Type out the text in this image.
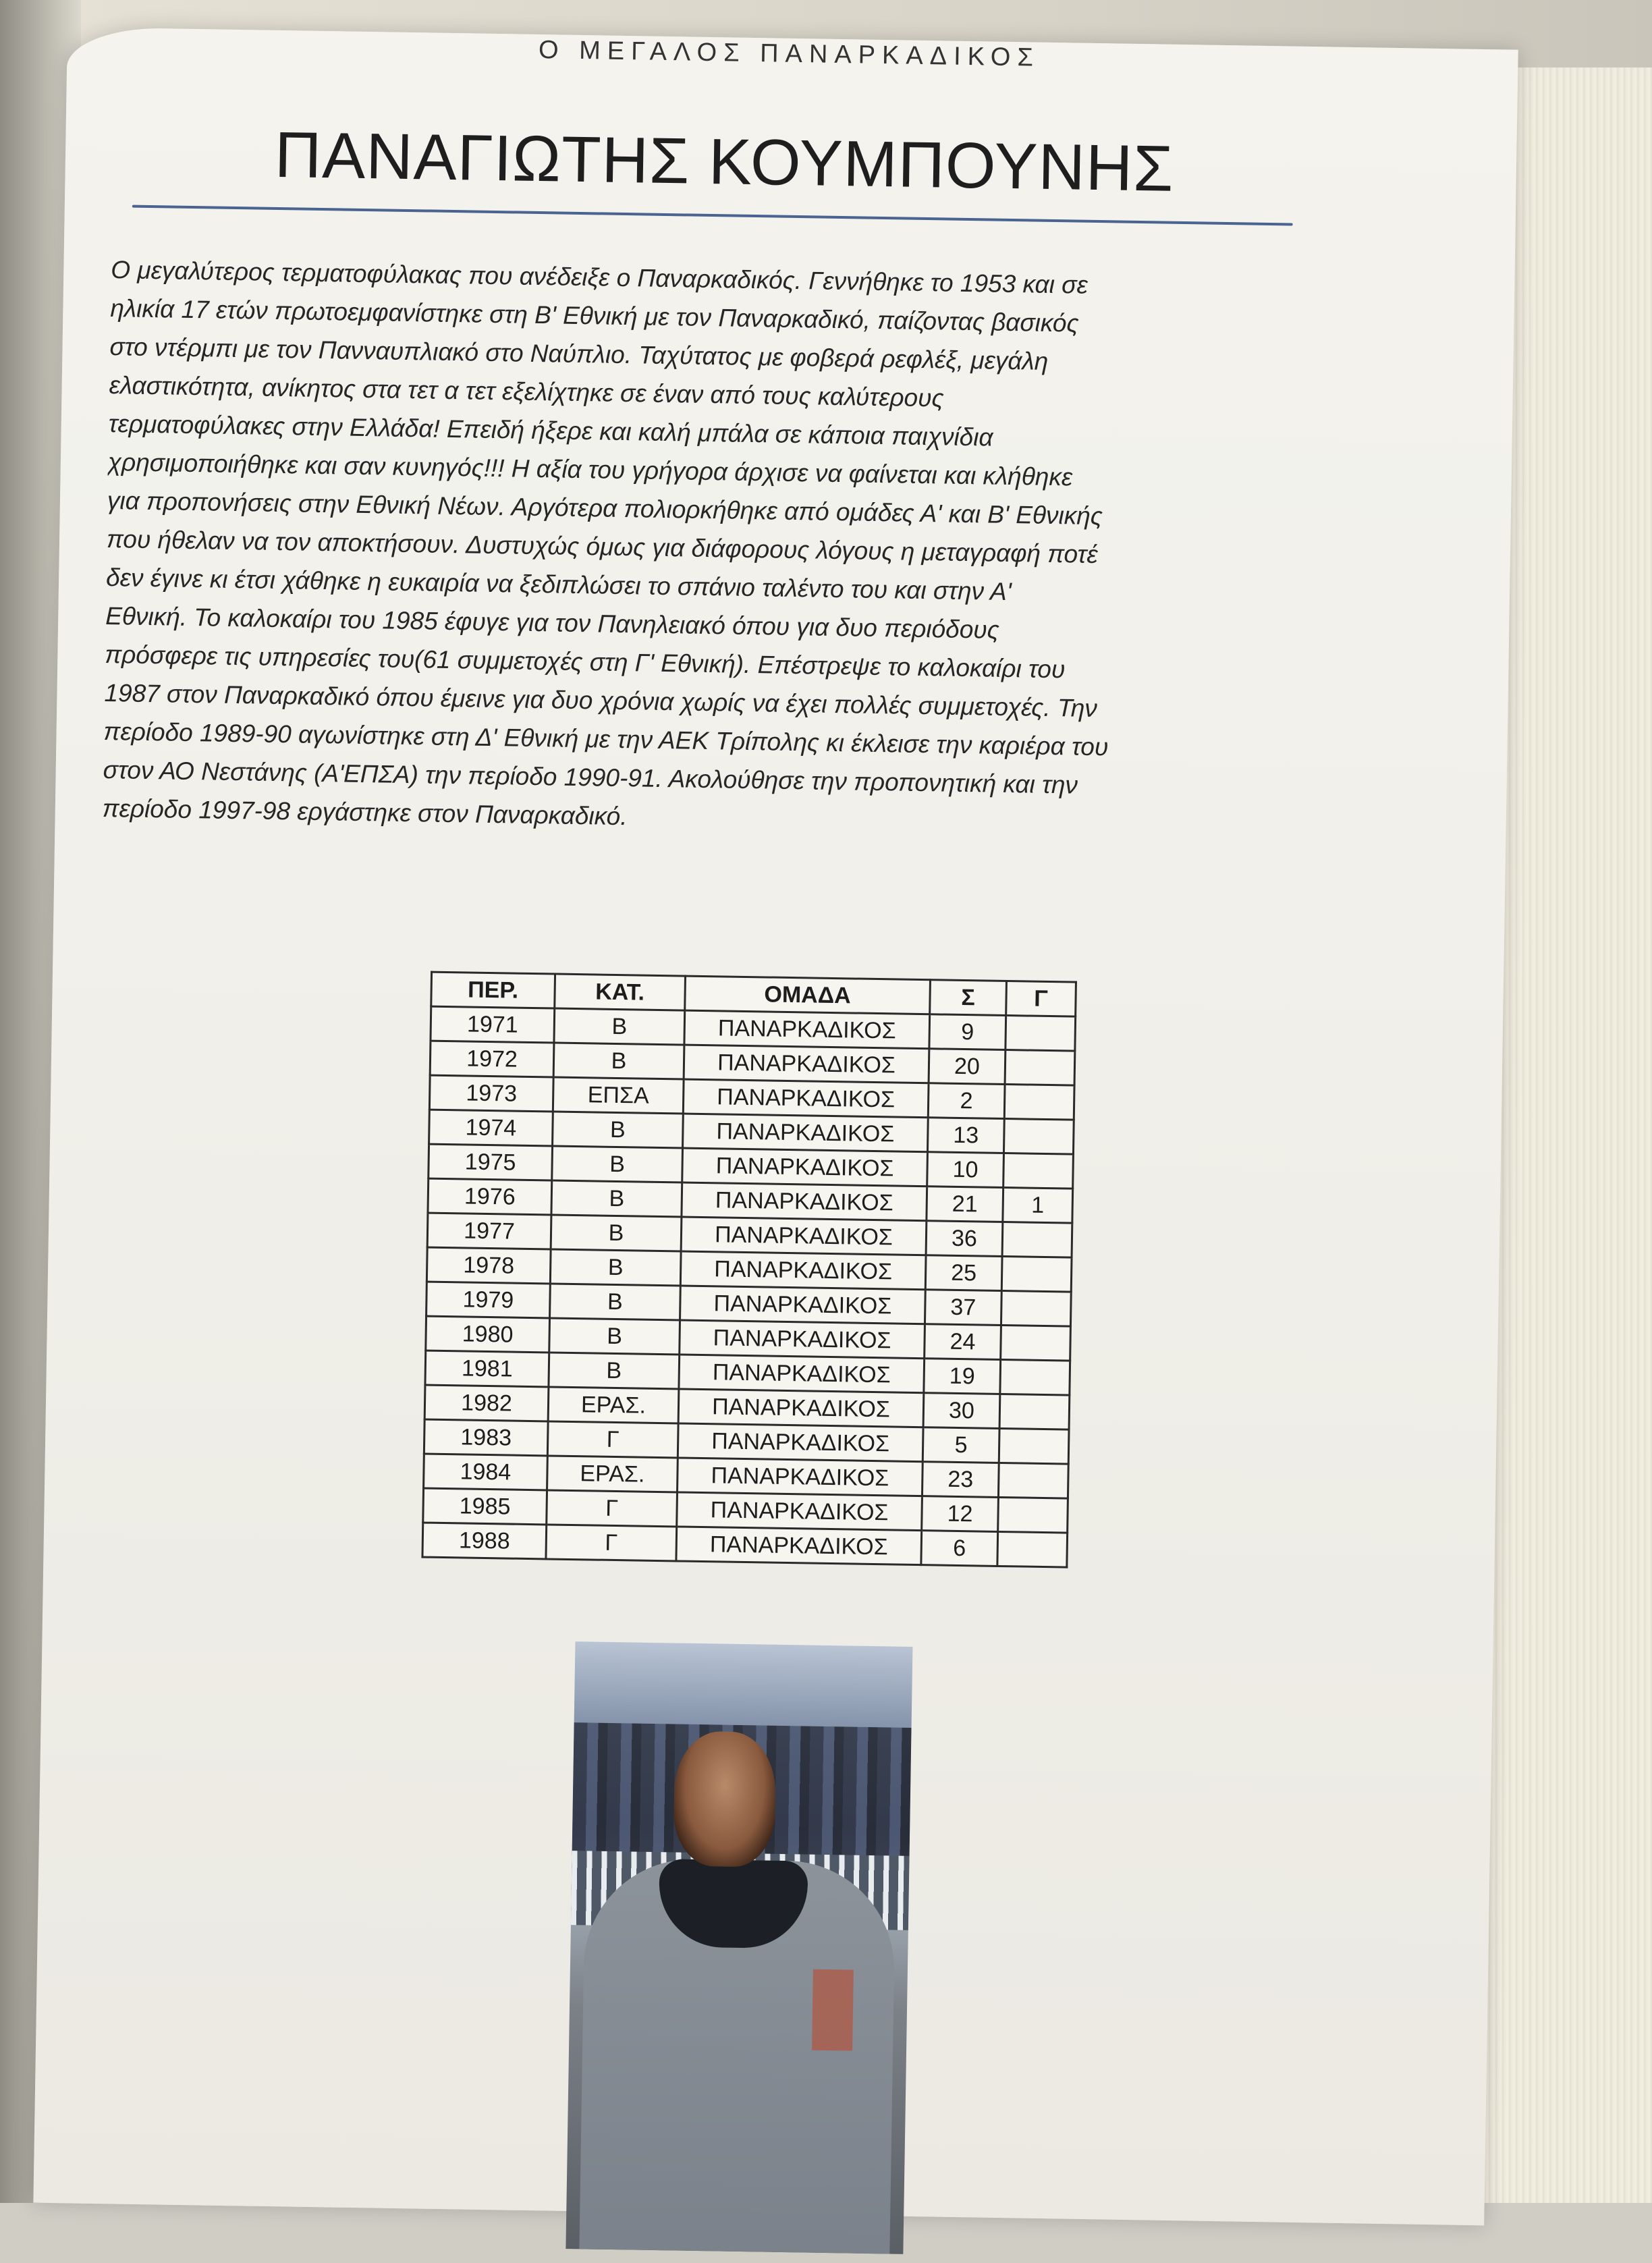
Ο ΜΕΓΑΛΟΣ ΠΑΝΑΡΚΑΔΙΚΟΣ
ΠΑΝΑΓΙΩΤΗΣ ΚΟΥΜΠΟΥΝΗΣ
Ο μεγαλύτερος τερματοφύλακας που ανέδειξε ο Παναρκαδικός. Γεννήθηκε το 1953 και σε
ηλικία 17 ετών πρωτοεμφανίστηκε στη Β' Εθνική με τον Παναρκαδικό, παίζοντας βασικός
στο ντέρμπι με τον Πανναυπλιακό στο Ναύπλιο. Ταχύτατος με φοβερά ρεφλέξ, μεγάλη
ελαστικότητα, ανίκητος στα τετ α τετ εξελίχτηκε σε έναν από τους καλύτερους
τερματοφύλακες στην Ελλάδα! Επειδή ήξερε και καλή μπάλα σε κάποια παιχνίδια
χρησιμοποιήθηκε και σαν κυνηγός!!! Η αξία του γρήγορα άρχισε να φαίνεται και κλήθηκε
για προπονήσεις στην Εθνική Νέων. Αργότερα πολιορκήθηκε από ομάδες Α' και Β' Εθνικής
που ήθελαν να τον αποκτήσουν. Δυστυχώς όμως για διάφορους λόγους η μεταγραφή ποτέ
δεν έγινε κι έτσι χάθηκε η ευκαιρία να ξεδιπλώσει το σπάνιο ταλέντο του και στην Α'
Εθνική. Το καλοκαίρι του 1985 έφυγε για τον Πανηλειακό όπου για δυο περιόδους
πρόσφερε τις υπηρεσίες του(61 συμμετοχές στη Γ' Εθνική). Επέστρεψε το καλοκαίρι του
1987 στον Παναρκαδικό όπου έμεινε για δυο χρόνια χωρίς να έχει πολλές συμμετοχές. Την
περίοδο 1989-90 αγωνίστηκε στη Δ' Εθνική με την ΑΕΚ Τρίπολης κι έκλεισε την καριέρα του
στον ΑΟ Νεστάνης (Α'ΕΠΣΑ) την περίοδο 1990-91. Ακολούθησε την προπονητική και την
περίοδο 1997-98 εργάστηκε στον Παναρκαδικό.
ΠΕΡ.	ΚΑΤ.	ΟΜΑΔΑ	Σ	Γ
1971	Β	ΠΑΝΑΡΚΑΔΙΚΟΣ	9	
1972	Β	ΠΑΝΑΡΚΑΔΙΚΟΣ	20	
1973	ΕΠΣΑ	ΠΑΝΑΡΚΑΔΙΚΟΣ	2	
1974	Β	ΠΑΝΑΡΚΑΔΙΚΟΣ	13	
1975	Β	ΠΑΝΑΡΚΑΔΙΚΟΣ	10	
1976	Β	ΠΑΝΑΡΚΑΔΙΚΟΣ	21	1
1977	Β	ΠΑΝΑΡΚΑΔΙΚΟΣ	36	
1978	Β	ΠΑΝΑΡΚΑΔΙΚΟΣ	25	
1979	Β	ΠΑΝΑΡΚΑΔΙΚΟΣ	37	
1980	Β	ΠΑΝΑΡΚΑΔΙΚΟΣ	24	
1981	Β	ΠΑΝΑΡΚΑΔΙΚΟΣ	19	
1982	ΕΡΑΣ.	ΠΑΝΑΡΚΑΔΙΚΟΣ	30	
1983	Γ	ΠΑΝΑΡΚΑΔΙΚΟΣ	5	
1984	ΕΡΑΣ.	ΠΑΝΑΡΚΑΔΙΚΟΣ	23	
1985	Γ	ΠΑΝΑΡΚΑΔΙΚΟΣ	12	
1988	Γ	ΠΑΝΑΡΚΑΔΙΚΟΣ	6	
